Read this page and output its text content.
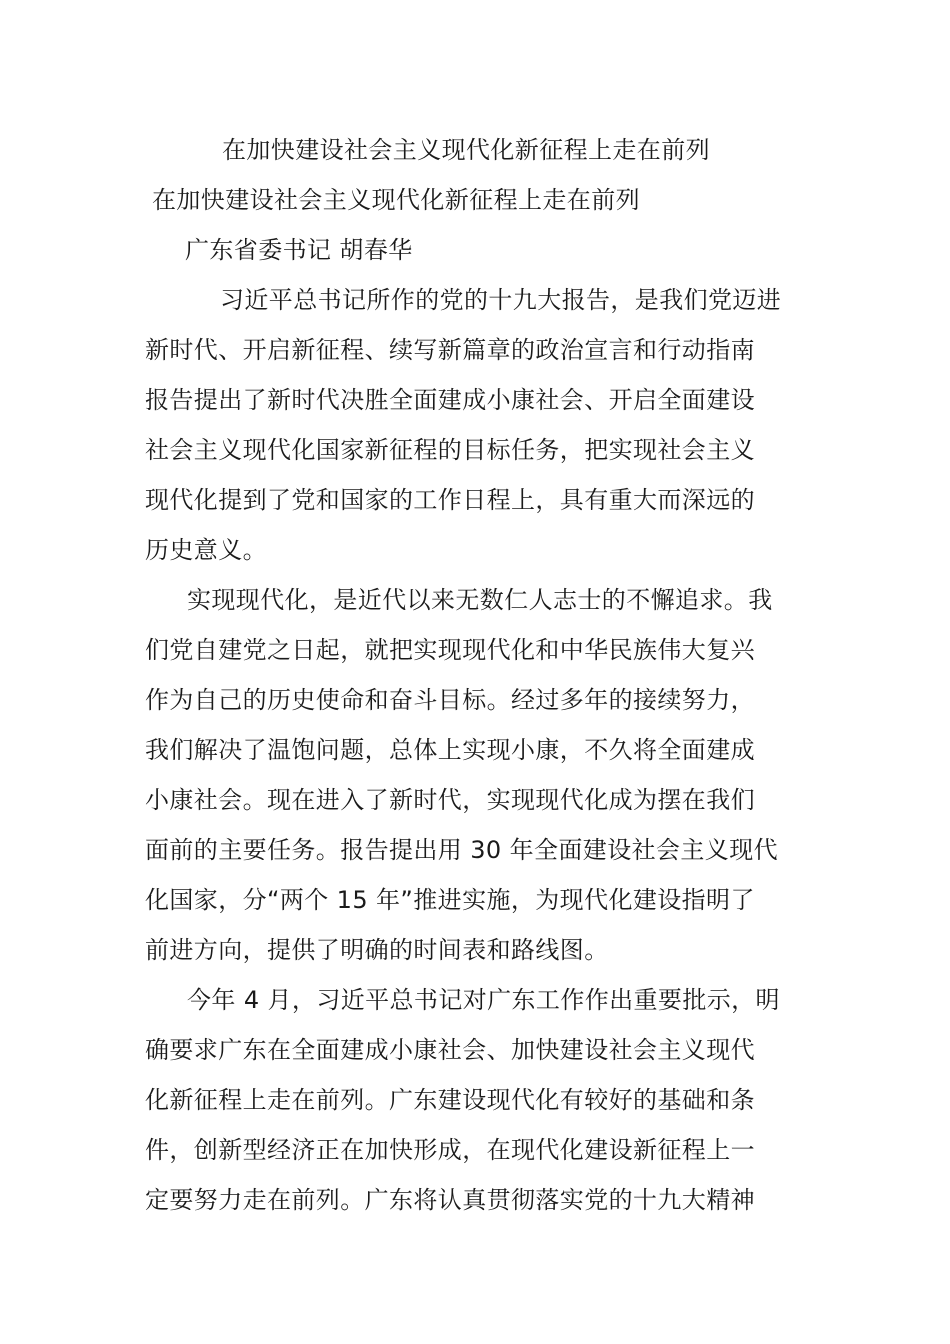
在加快建设社会主义现代化新征程上走在前列
在加快建设社会主义现代化新征程上走在前列
广东省委书记 胡春华
习近平总书记所作的党的十九大报告，是我们党迈进
新时代、开启新征程、续写新篇章的政治宣言和行动指南
报告提出了新时代决胜全面建成小康社会、开启全面建设
社会主义现代化国家新征程的目标任务，把实现社会主义
现代化提到了党和国家的工作日程上，具有重大而深远的
历史意义。
实现现代化，是近代以来无数仁人志士的不懈追求。我
们党自建党之日起，就把实现现代化和中华民族伟大复兴
作为自己的历史使命和奋斗目标。经过多年的接续努力，
我们解决了温饱问题，总体上实现小康，不久将全面建成
小康社会。现在进入了新时代，实现现代化成为摆在我们
面前的主要任务。报告提出用 30 年全面建设社会主义现代
化国家，分“两个 15 年”推进实施，为现代化建设指明了
前进方向，提供了明确的时间表和路线图。
今年 4 月，习近平总书记对广东工作作出重要批示，明
确要求广东在全面建成小康社会、加快建设社会主义现代
化新征程上走在前列。广东建设现代化有较好的基础和条
件，创新型经济正在加快形成，在现代化建设新征程上一
定要努力走在前列。广东将认真贯彻落实党的十九大精神
